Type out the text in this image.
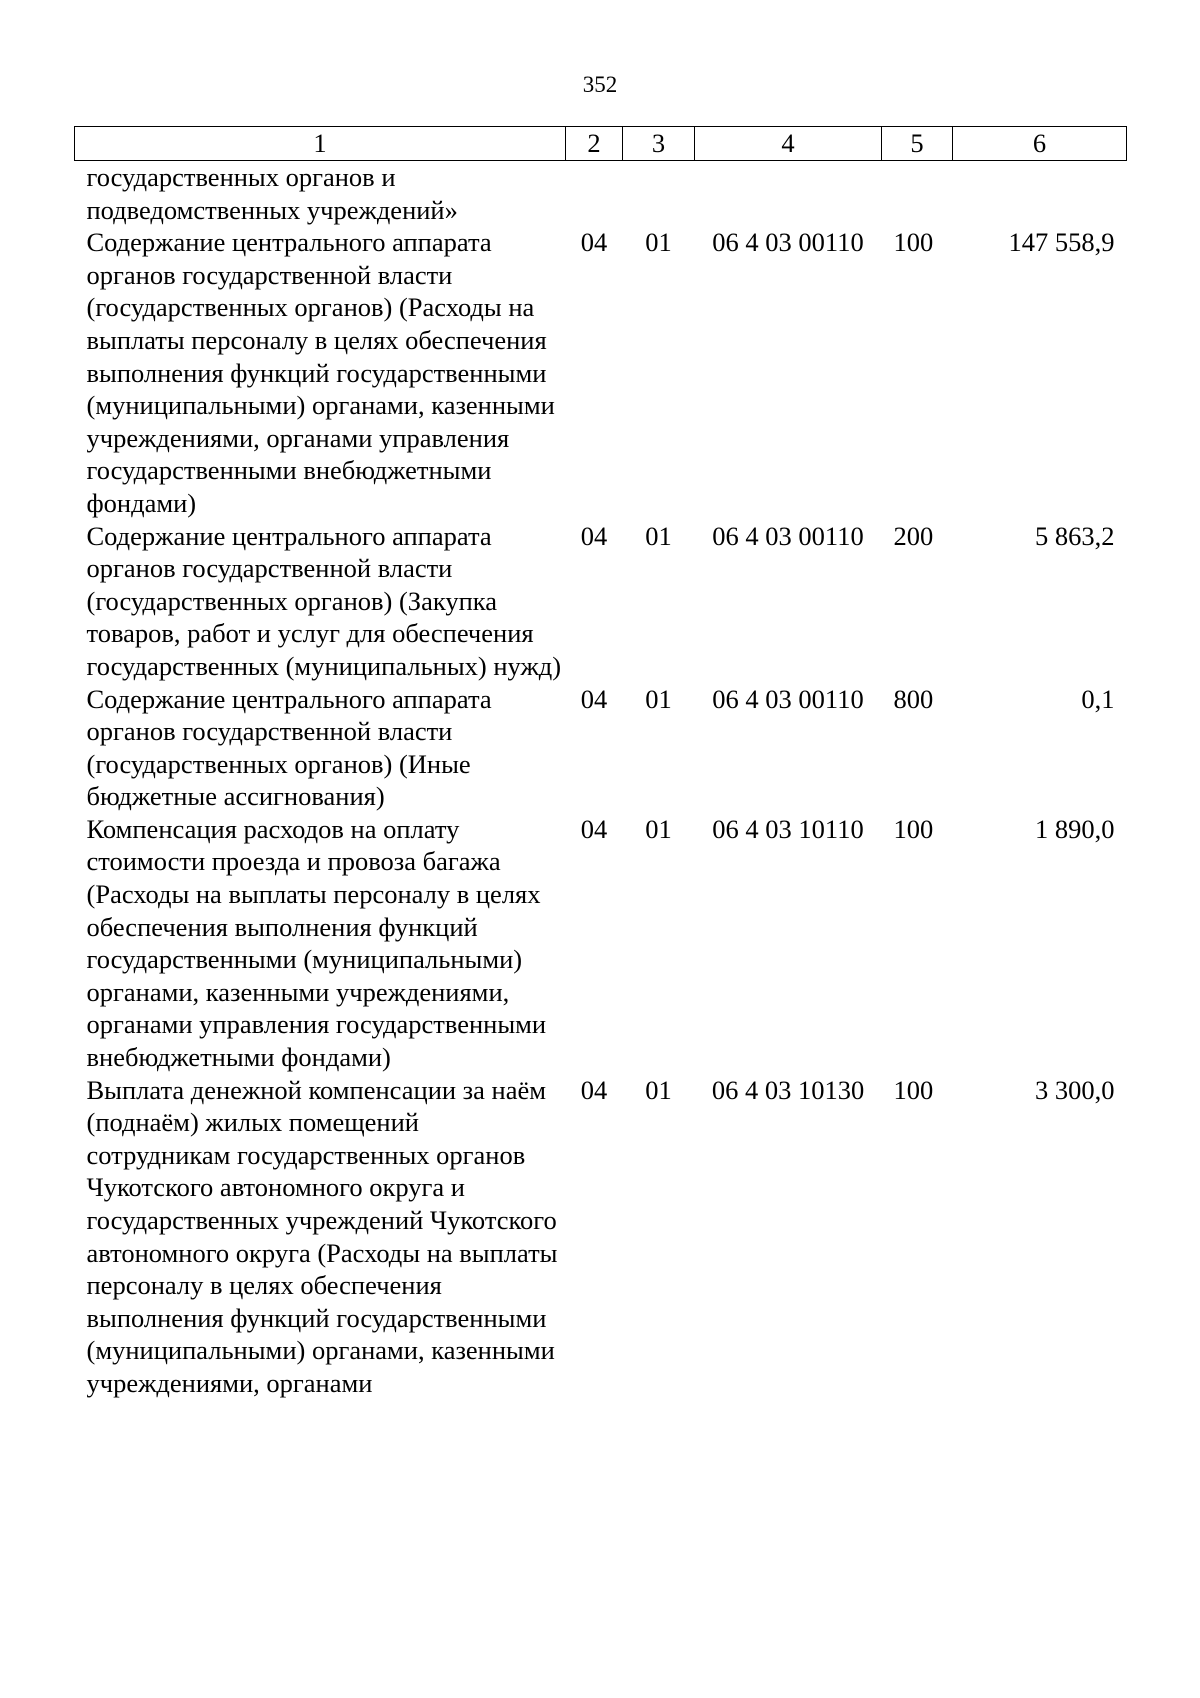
352
1	2	3	4	5	6
государственных органов и подведомственных учреждений»					
Содержание центрального аппарата органов государственной власти (государственных органов) (Расходы на выплаты персоналу в целях обеспечения выполнения функций государственными (муниципальными) органами, казенными учреждениями, органами управления государственными внебюджетными фондами)	04	01	06 4 03 00110	100	147 558,9
Содержание центрального аппарата органов государственной власти (государственных органов) (Закупка товаров, работ и услуг для обеспечения государственных (муниципальных) нужд)	04	01	06 4 03 00110	200	5 863,2
Содержание центрального аппарата органов государственной власти (государственных органов) (Иные бюджетные ассигнования)	04	01	06 4 03 00110	800	0,1
Компенсация расходов на оплату стоимости проезда и провоза багажа (Расходы на выплаты персоналу в целях обеспечения выполнения функций государственными (муниципальными) органами, казенными учреждениями, органами управления государственными внебюджетными фондами)	04	01	06 4 03 10110	100	1 890,0
Выплата денежной компенсации за наём (поднаём) жилых помещений сотрудникам государственных органов Чукотского автономного округа и государственных учреждений Чукотского автономного округа (Расходы на выплаты персоналу в целях обеспечения выполнения функций государственными (муниципальными) органами, казенными учреждениями, органами	04	01	06 4 03 10130	100	3 300,0
